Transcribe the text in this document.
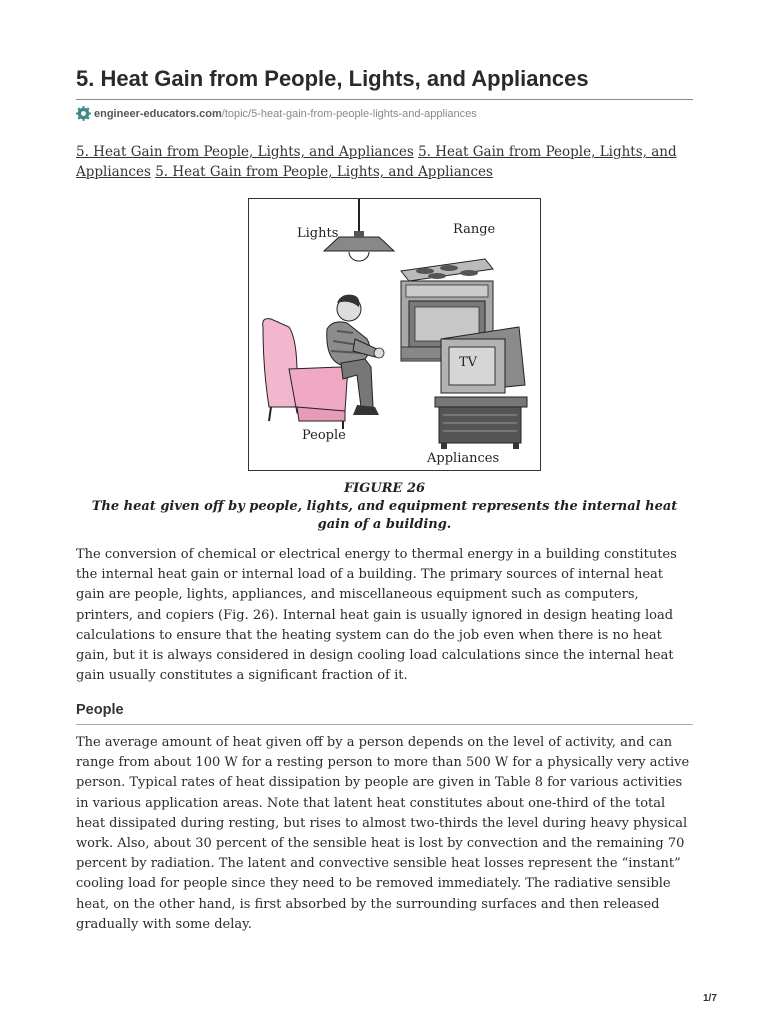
5. Heat Gain from People, Lights, and Appliances
engineer-educators.com /topic/5-heat-gain-from-people-lights-and-appliances
5. Heat Gain from People, Lights, and Appliances 5. Heat Gain from People, Lights, and
Appliances 5. Heat Gain from People, Lights, and Appliances
Lights	Range
TV
People
Appliances
FIGURE 26
The heat given off by people, lights, and equipment represents the internal heat
gain of a building.

The conversion of chemical or electrical energy to thermal energy in a building constitutes the internal heat gain or internal load of a building. The primary sources of internal heat gain are people, lights, appliances, and miscellaneous equipment such as computers, printers, and copiers (Fig. 26). Internal heat gain is usually ignored in design heating load calculations to ensure that the heating system can do the job even when there is no heat gain, but it is always considered in design cooling load calculations since the internal heat gain usually constitutes a significant fraction of it.

People

The average amount of heat given off by a person depends on the level of activity, and can range from about 100 W for a resting person to more than 500 W for a physically very active person. Typical rates of heat dissipation by people are given in Table 8 for various activities in various application areas. Note that latent heat constitutes about one-third of the total heat dissipated during resting, but rises to almost two-thirds the level during heavy physical work. Also, about 30 percent of the sensible heat is lost by convection and the remaining 70 percent by radiation. The latent and convective sensible heat losses represent the “instant” cooling load for people since they need to be removed immediately. The radiative sensible heat, on the other hand, is first absorbed by the surrounding surfaces and then released gradually with some delay.

1/7
